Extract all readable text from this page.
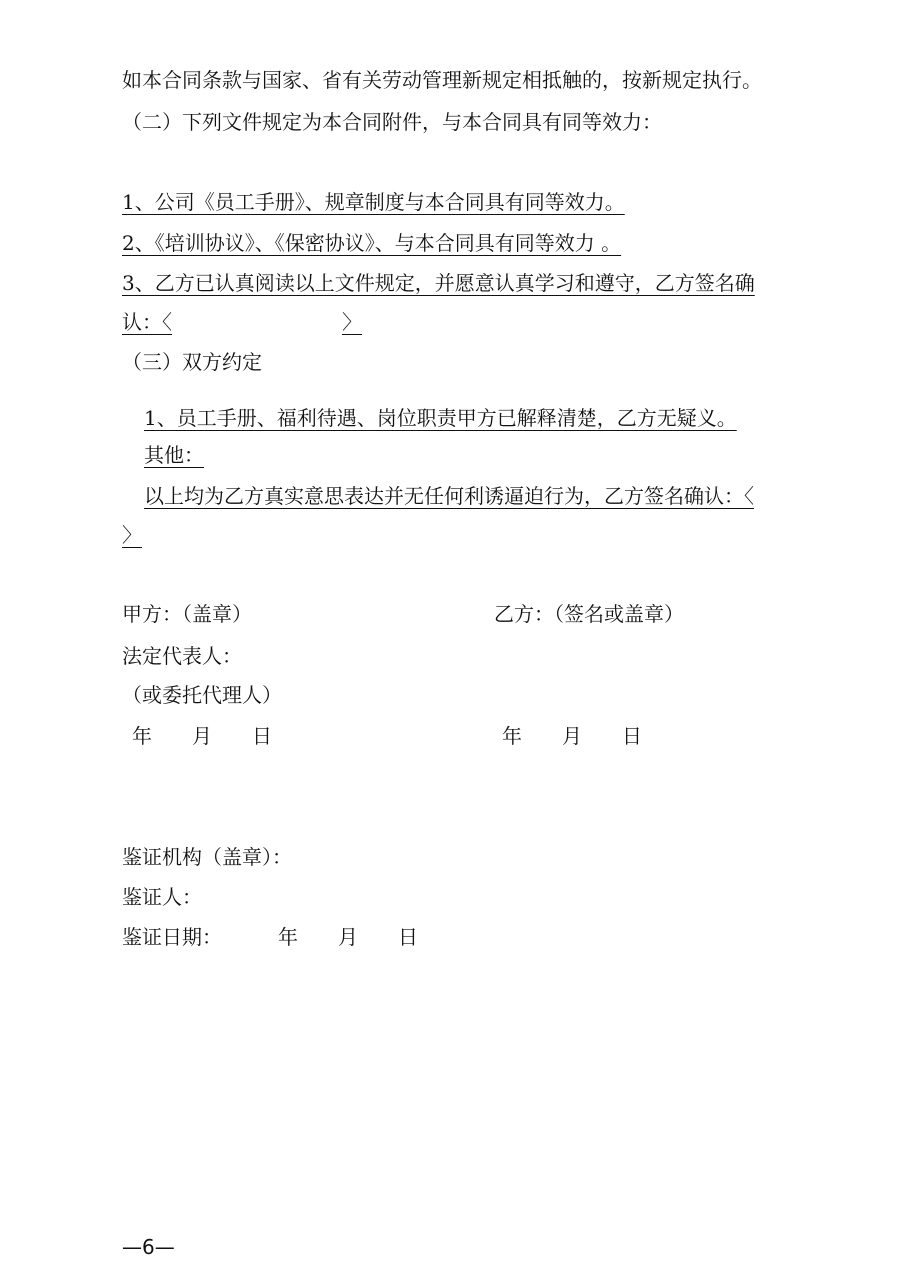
如本合同条款与国家、省有关劳动管理新规定相抵触的，按新规定执行。
（二）下列文件规定为本合同附件，与本合同具有同等效力：
1、公司《员工手册》、规章制度与本合同具有同等效力。
2、《培训协议》、《保密协议》、与本合同具有同等效力 。
3、乙方已认真阅读以上文件规定，并愿意认真学习和遵守，乙方签名确
认：〈	〉
（三）双方约定
1、员工手册、福利待遇、岗位职责甲方已解释清楚，乙方无疑义。
其他：
以上均为乙方真实意思表达并无任何利诱逼迫行为，乙方签名确认：〈
〉
甲方：（盖章）	乙方：（签名或盖章）
法定代表人：
（或委托代理人）
年　　月　　日	年　　月　　日
鉴证机构（盖章）：
鉴证人：
鉴证日期：	年　　月　　日
—6—
